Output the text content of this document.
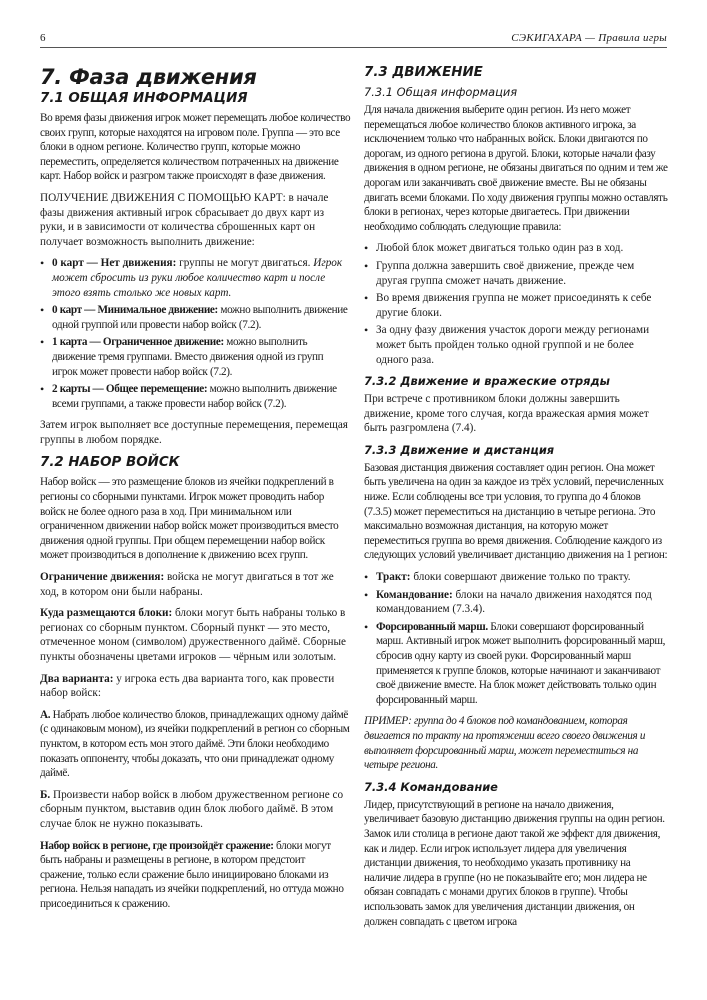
6	СЭКИГАХАРА — Правила игры
7. Фаза движения
7.1 ОБЩАЯ ИНФОРМАЦИЯ

Во время фазы движения игрок может перемещать любое количество своих групп, которые находятся на игровом поле. Группа — это все блоки в одном регионе. Количество групп, которые можно переместить, определяется количеством потраченных на движение карт. Набор войск и разгром также происходят в фазе движения.

ПОЛУЧЕНИЕ ДВИЖЕНИЯ С ПОМОЩЬЮ КАРТ: в начале фазы движения активный игрок сбрасывает до двух карт из руки, и в зависимости от количества сброшенных карт он получает возможность выполнить движение:

• 0 карт — Нет движения: группы не могут двигаться. Игрок может сбросить из руки любое количество карт и после этого взять столько же новых карт.
• 0 карт — Минимальное движение: можно выполнить движение одной группой или провести набор войск (7.2).
• 1 карта — Ограниченное движение: можно выполнить движение тремя группами. Вместо движения одной из групп игрок может провести набор войск (7.2).
• 2 карты — Общее перемещение: можно выполнить движение всеми группами, а также провести набор войск (7.2).

Затем игрок выполняет все доступные перемещения, перемещая группы в любом порядке.

7.2 НАБОР ВОЙСК

Набор войск — это размещение блоков из ячейки подкреплений в регионы со сборными пунктами. Игрок может проводить набор войск не более одного раза в ход. При минимальном или ограниченном движении набор войск может производиться вместо движения одной группы. При общем перемещении набор войск может производиться в дополнение к движению всех групп.

Ограничение движения: войска не могут двигаться в тот же ход, в котором они были набраны.

Куда размещаются блоки: блоки могут быть набраны только в регионах со сборным пунктом. Сборный пункт — это место, отмеченное моном (символом) дружественного даймё. Сборные пункты обозначены цветами игроков — чёрным или золотым.

Два варианта: у игрока есть два варианта того, как провести набор войск:

А. Набрать любое количество блоков, принадлежащих одному даймё (с одинаковым моном), из ячейки подкреплений в регион со сборным пунктом, в котором есть мон этого даймё. Эти блоки необходимо показать оппоненту, чтобы доказать, что они принадлежат одному даймё.

Б. Произвести набор войск в любом дружественном регионе со сборным пунктом, выставив один блок любого даймё. В этом случае блок не нужно показывать.

Набор войск в регионе, где произойдёт сражение: блоки могут быть набраны и размещены в регионе, в котором предстоит сражение, только если сражение было инициировано блоками из региона. Нельзя нападать из ячейки подкреплений, но оттуда можно присоединиться к сражению.

7.3 ДВИЖЕНИЕ
7.3.1 Общая информация

Для начала движения выберите один регион. Из него может перемещаться любое количество блоков активного игрока, за исключением только что набранных войск. Блоки двигаются по дорогам, из одного региона в другой. Блоки, которые начали фазу движения в одном регионе, не обязаны двигаться по одним и тем же дорогам или заканчивать своё движение вместе. Вы не обязаны двигать всеми блоками. По ходу движения группы можно оставлять блоки в регионах, через которые двигаетесь. При движении необходимо соблюдать следующие правила:

• Любой блок может двигаться только один раз в ход.
• Группа должна завершить своё движение, прежде чем другая группа сможет начать движение.
• Во время движения группа не может присоединять к себе другие блоки.
• За одну фазу движения участок дороги между регионами может быть пройден только одной группой и не более одного раза.
7.3.2 Движение и вражеские отряды

При встрече с противником блоки должны завершить движение, кроме того случая, когда вражеская армия может быть разгромлена (7.4).

7.3.3 Движение и дистанция

Базовая дистанция движения составляет один регион. Она может быть увеличена на один за каждое из трёх условий, перечисленных ниже. Если соблюдены все три условия, то группа до 4 блоков (7.3.5) может переместиться на дистанцию в четыре региона. Это максимально возможная дистанция, на которую может переместиться группа во время движения. Соблюдение каждого из следующих условий увеличивает дистанцию движения на 1 регион:

• Тракт: блоки совершают движение только по тракту.
• Командование: блоки на начало движения находятся под командованием (7.3.4).
• Форсированный марш. Блоки совершают форсированный марш. Активный игрок может выполнить форсированный марш, сбросив одну карту из своей руки. Форсированный марш применяется к группе блоков, которые начинают и заканчивают своё движение вместе. На блок может действовать только один форсированный марш.

ПРИМЕР: группа до 4 блоков под командованием, которая двигается по тракту на протяжении всего своего движения и выполняет форсированный марш, может переместиться на четыре региона.

7.3.4 Командование

Лидер, присутствующий в регионе на начало движения, увеличивает базовую дистанцию движения группы на один регион. Замок или столица в регионе дают такой же эффект для движения, как и лидер. Если игрок использует лидера для увеличения дистанции движения, то необходимо указать противнику на наличие лидера в группе (но не показывайте его; мон лидера не обязан совпадать с монами других блоков в группе). Чтобы использовать замок для увеличения дистанции движения, он должен совпадать с цветом игрока
